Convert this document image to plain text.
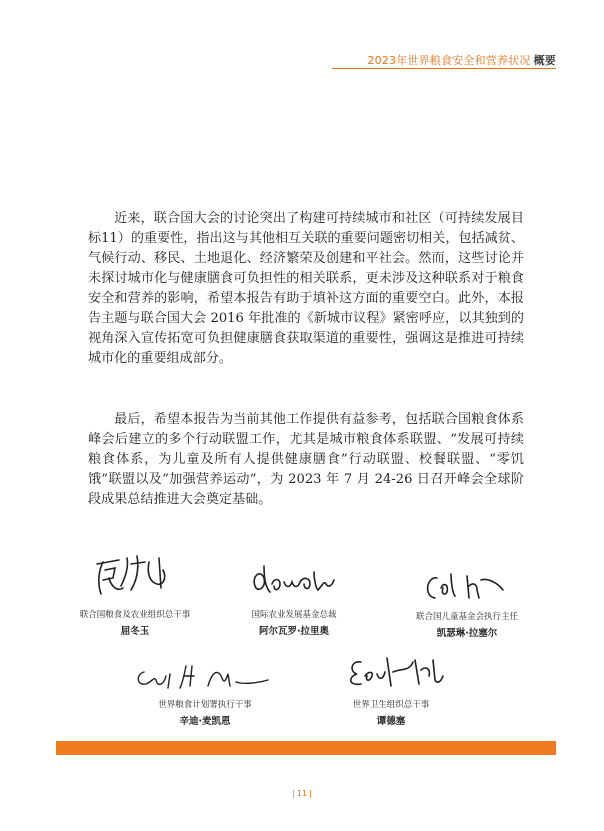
2023年世界粮食安全和营养状况 概要

近来，联合国大会的讨论突出了构建可持续城市和社区（可持续发展目标11）的重要性，指出这与其他相互关联的重要问题密切相关，包括减贫、气候行动、移民、土地退化、经济繁荣及创建和平社会。然而，这些讨论并未探讨城市化与健康膳食可负担性的相关联系，更未涉及这种联系对于粮食安全和营养的影响，希望本报告有助于填补这方面的重要空白。此外，本报告主题与联合国大会 2016 年批准的《新城市议程》紧密呼应，以其独到的视角深入宣传拓宽可负担健康膳食获取渠道的重要性，强调这是推进可持续城市化的重要组成部分。

最后，希望本报告为当前其他工作提供有益参考，包括联合国粮食体系峰会后建立的多个行动联盟工作，尤其是城市粮食体系联盟、“发展可持续粮食体系，为儿童及所有人提供健康膳食”行动联盟、校餐联盟、“零饥饿”联盟以及“加强营养运动”，为 2023 年 7 月 24-26 日召开峰会全球阶段成果总结推进大会奠定基础。

联合国粮食及农业组织总干事
屈冬玉
国际农业发展基金总裁
阿尔瓦罗·拉里奥
联合国儿童基金会执行主任
凯瑟琳·拉塞尔
世界粮食计划署执行干事
辛迪·麦凯恩
世界卫生组织总干事
谭德塞
| 11 |
